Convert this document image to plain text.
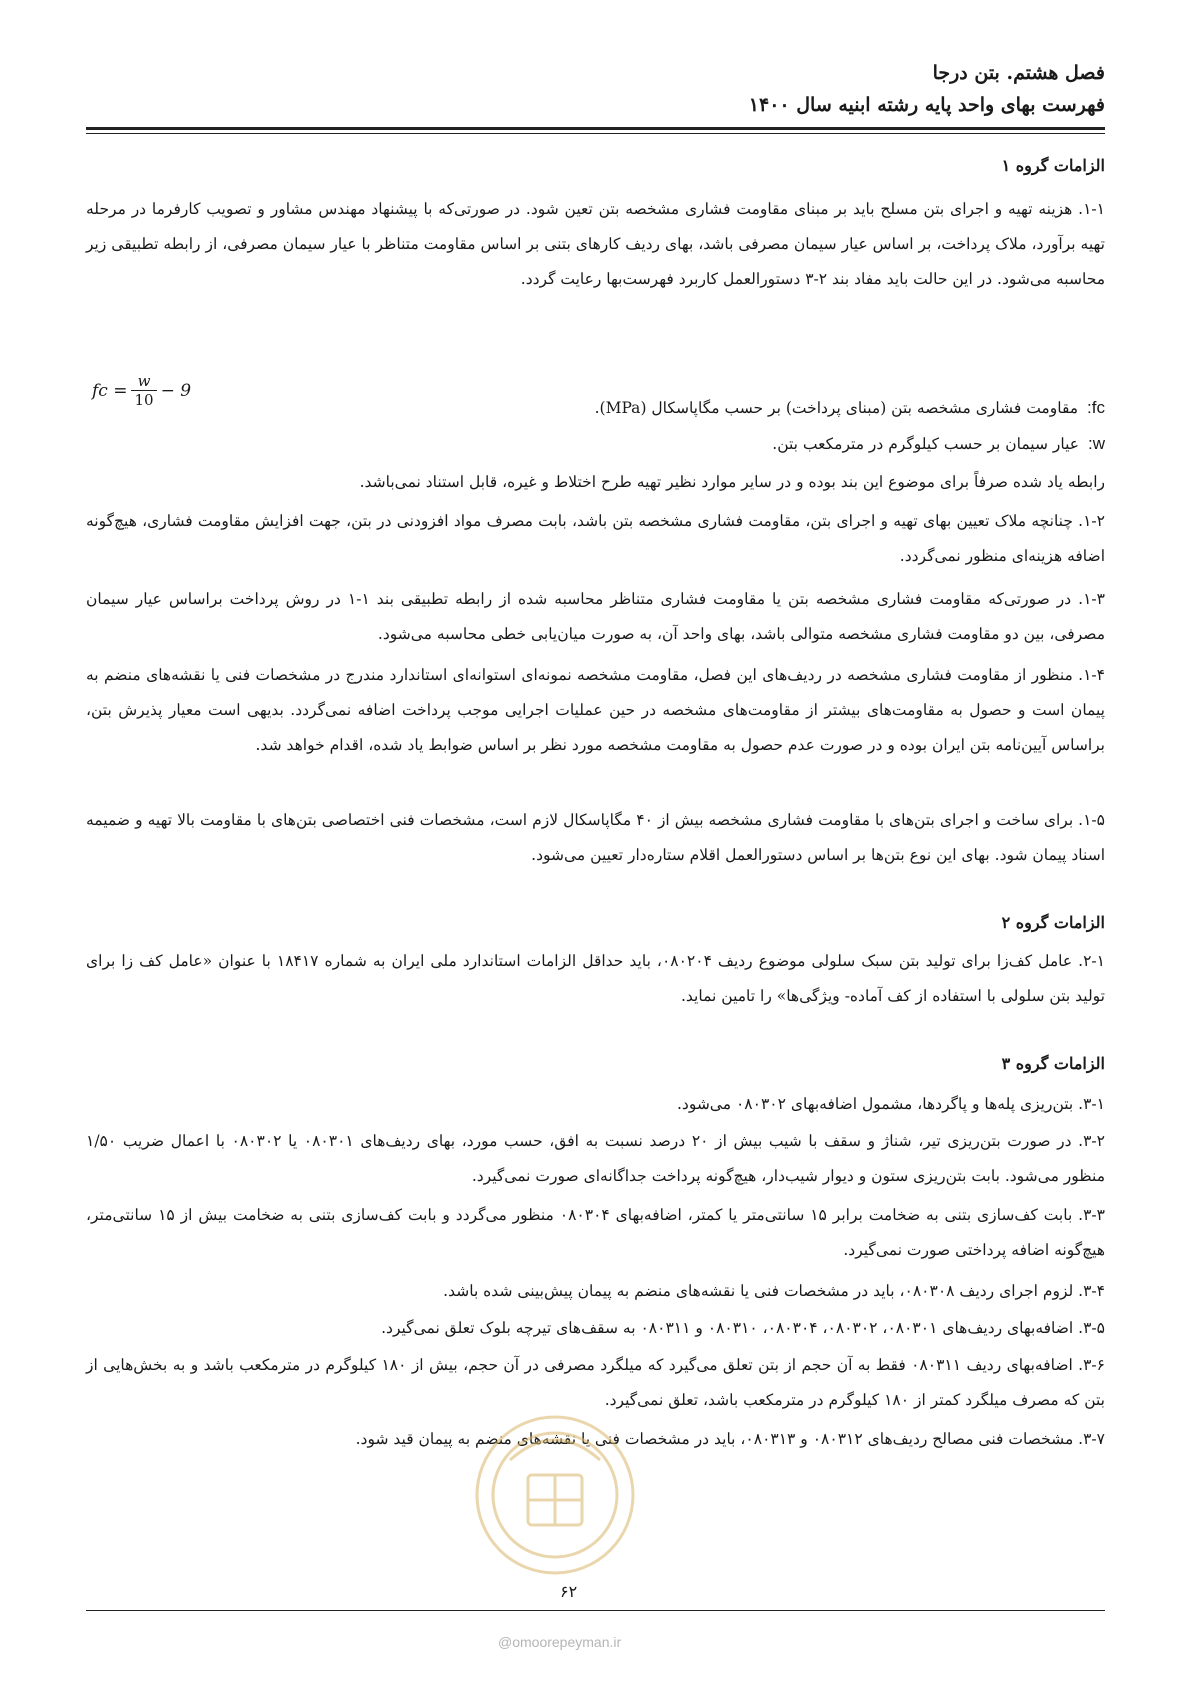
فصل هشتم. بتن درجا
فهرست بهای واحد پایه رشته ابنیه سال ۱۴۰۰
الزامات گروه ۱

۱-۱. هزینه تهیه و اجرای بتن مسلح باید بر مبنای مقاومت فشاری مشخصه بتن تعین شود. در صورتی‌که با پیشنهاد مهندس مشاور و تصویب کارفرما در مرحله تهیه برآورد، ملاک پرداخت، بر اساس عیار سیمان مصرفی باشد، بهای ردیف کارهای بتنی بر اساس مقاومت متناظر با عیار سیمان مصرفی، از رابطه تطبیقی زیر محاسبه می‌شود. در این حالت باید مفاد بند ۲-۳ دستورالعمل کاربرد فهرست‌بها رعایت گردد.

fc = $\frac{w}{10} - 9$
fc: مقاومت فشاری مشخصه بتن (مبنای پرداخت) بر حسب مگاپاسکال (MPa).
w: عیار سیمان بر حسب کیلوگرم در مترمکعب بتن.

رابطه یاد شده صرفاً برای موضوع این بند بوده و در سایر موارد نظیر تهیه طرح اختلاط و غیره، قابل استناد نمی‌باشد.

۱-۲. چنانچه ملاک تعیین بهای تهیه و اجرای بتن، مقاومت فشاری مشخصه بتن باشد، بابت مصرف مواد افزودنی در بتن، جهت افزایش مقاومت فشاری، هیچ‌گونه اضافه هزینه‌ای منظور نمی‌گردد.

۱-۳. در صورتی‌که مقاومت فشاری مشخصه بتن یا مقاومت فشاری متناظر محاسبه شده از رابطه تطبیقی بند ۱-۱ در روش پرداخت براساس عیار سیمان مصرفی، بین دو مقاومت فشاری مشخصه متوالی باشد، بهای واحد آن، به صورت میان‌یابی خطی محاسبه می‌شود.

۱-۴. منظور از مقاومت فشاری مشخصه در ردیف‌های این فصل، مقاومت مشخصه نمونه‌ای استوانه‌ای استاندارد مندرج در مشخصات فنی یا نقشه‌های منضم به پیمان است و حصول به مقاومت‌های بیشتر از مقاومت‌های مشخصه در حین عملیات اجرایی موجب پرداخت اضافه نمی‌گردد. بدیهی است معیار پذیرش بتن، براساس آیین‌نامه بتن ایران بوده و در صورت عدم حصول به مقاومت مشخصه مورد نظر بر اساس ضوابط یاد شده، اقدام خواهد شد.

۱-۵. برای ساخت و اجرای بتن‌های با مقاومت فشاری مشخصه بیش از ۴۰ مگاپاسکال لازم است، مشخصات فنی اختصاصی بتن‌های با مقاومت بالا تهیه و ضمیمه اسناد پیمان شود. بهای این نوع بتن‌ها بر اساس دستورالعمل اقلام ستاره‌دار تعیین می‌شود.

الزامات گروه ۲

۲-۱. عامل کف‌زا برای تولید بتن سبک سلولی موضوع ردیف ۰۸۰۲۰۴، باید حداقل الزامات استاندارد ملی ایران به شماره ۱۸۴۱۷ با عنوان «عامل کف زا برای تولید بتن سلولی با استفاده از کف آماده- ویژگی‌ها» را تامین نماید.

الزامات گروه ۳

۳-۱. بتن‌ریزی پله‌ها و پاگردها، مشمول اضافه‌بهای ۰۸۰۳۰۲ می‌شود.

۳-۲. در صورت بتن‌ریزی تیر، شناژ و سقف با شیب بیش از ۲۰ درصد نسبت به افق، حسب مورد، بهای ردیف‌های ۰۸۰۳۰۱ یا ۰۸۰۳۰۲ با اعمال ضریب ۱/۵۰ منظور می‌شود. بابت بتن‌ریزی ستون و دیوار شیب‌دار، هیچ‌گونه پرداخت جداگانه‌ای صورت نمی‌گیرد.

۳-۳. بابت کف‌سازی بتنی به ضخامت برابر ۱۵ سانتی‌متر یا کمتر، اضافه‌بهای ۰۸۰۳۰۴ منظور می‌گردد و بابت کف‌سازی بتنی به ضخامت بیش از ۱۵ سانتی‌متر، هیچ‌گونه اضافه پرداختی صورت نمی‌گیرد.

۳-۴. لزوم اجرای ردیف ۰۸۰۳۰۸، باید در مشخصات فنی یا نقشه‌های منضم به پیمان پیش‌بینی شده باشد.

۳-۵. اضافه‌بهای ردیف‌های ۰۸۰۳۰۱، ۰۸۰۳۰۲، ۰۸۰۳۰۴، ۰۸۰۳۱۰ و ۰۸۰۳۱۱ به سقف‌های تیرچه بلوک تعلق نمی‌گیرد.

۳-۶. اضافه‌بهای ردیف ۰۸۰۳۱۱ فقط به آن حجم از بتن تعلق می‌گیرد که میلگرد مصرفی در آن حجم، بیش از ۱۸۰ کیلوگرم در مترمکعب باشد و به بخش‌هایی از بتن که مصرف میلگرد کمتر از ۱۸۰ کیلوگرم در مترمکعب باشد، تعلق نمی‌گیرد.

۳-۷. مشخصات فنی مصالح ردیف‌های ۰۸۰۳۱۲ و ۰۸۰۳۱۳، باید در مشخصات فنی یا نقشه‌های منضم به پیمان قید شود.

۶۲
@omoorepeyman.ir
